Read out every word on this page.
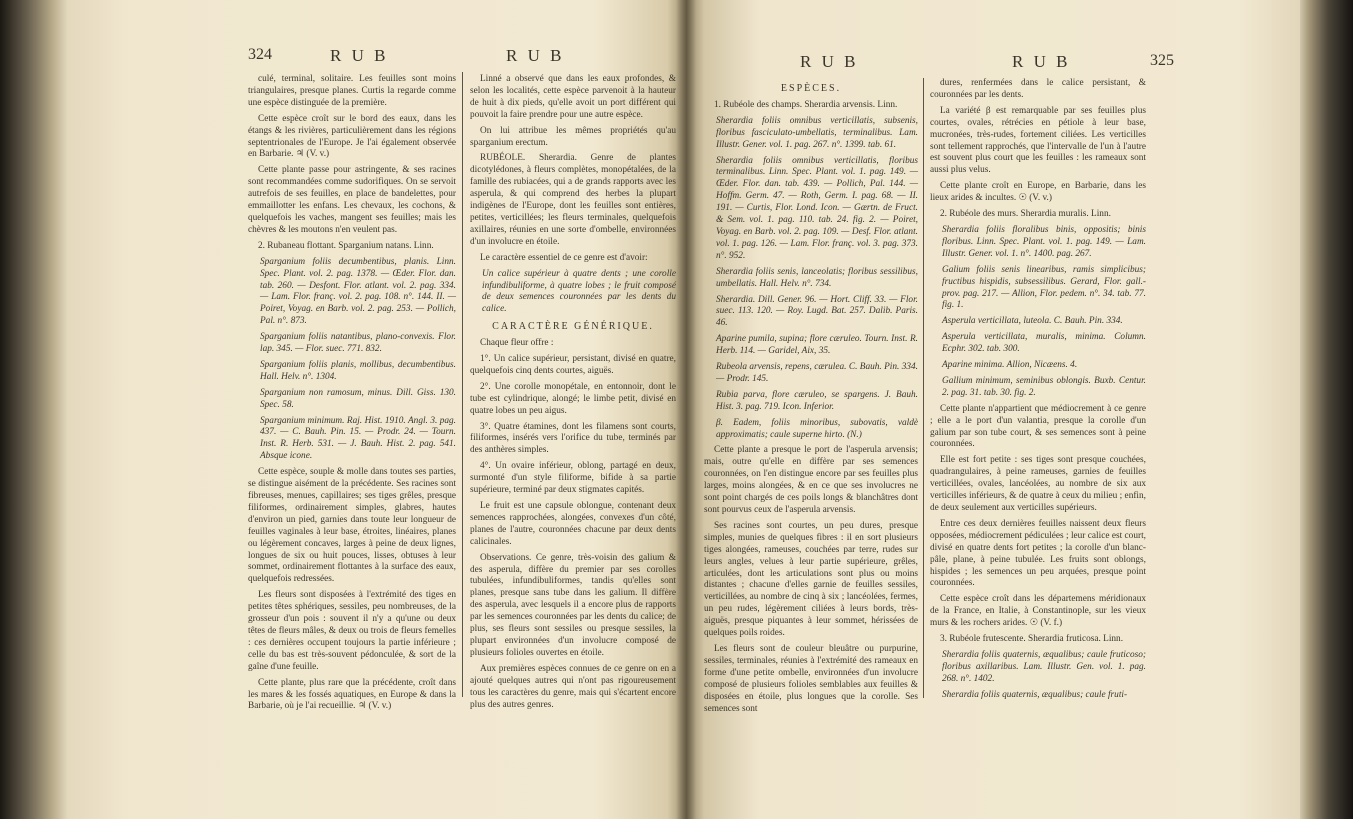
324	R U B	R U B

culé, terminal, solitaire. Les feuilles sont moins triangulaires, presque planes. Curtis la regarde comme une espèce distinguée de la première.

Cette espèce croît sur le bord des eaux, dans les étangs & les rivières, particulièrement dans les régions septentrionales de l'Europe. Je l'ai également observée en Barbarie. ♃ (V. v.)

Cette plante passe pour astringente, & ses racines sont recommandées comme sudorifiques. On se servoit autrefois de ses feuilles, en place de bandelettes, pour emmaillotter les enfans. Les chevaux, les cochons, & quelquefois les vaches, mangent ses feuilles; mais les chèvres & les moutons n'en veulent pas.

2. Rubaneau flottant. Sparganium natans. Linn.

Sparganium foliis decumbentibus, planis. Linn. Spec. Plant. vol. 2. pag. 1378. — Œder. Flor. dan. tab. 260. — Desfont. Flor. atlant. vol. 2. pag. 334. — Lam. Flor. franç. vol. 2. pag. 108. n°. 144. II. — Poiret, Voyag. en Barb. vol. 2. pag. 253. — Pollich, Pal. n°. 873.

Sparganium foliis natantibus, plano-convexis. Flor. lap. 345. — Flor. suec. 771. 832.

Sparganium foliis planis, mollibus, decumbentibus. Hall. Helv. n°. 1304.

Sparganium non ramosum, minus. Dill. Giss. 130. Spec. 58.

Sparganium minimum. Raj. Hist. 1910. Angl. 3. pag. 437. — C. Bauh. Pin. 15. — Prodr. 24. — Tourn. Inst. R. Herb. 531. — J. Bauh. Hist. 2. pag. 541. Absque icone.

Cette espèce, souple & molle dans toutes ses parties, se distingue aisément de la précédente. Ses racines sont fibreuses, menues, capillaires; ses tiges grêles, presque filiformes, ordinairement simples, glabres, hautes d'environ un pied, garnies dans toute leur longueur de feuilles vaginales à leur base, étroites, linéaires, planes ou légèrement concaves, larges à peine de deux lignes, longues de six ou huit pouces, lisses, obtuses à leur sommet, ordinairement flottantes à la surface des eaux, quelquefois redressées.

Les fleurs sont disposées à l'extrémité des tiges en petites têtes sphériques, sessiles, peu nombreuses, de la grosseur d'un pois : souvent il n'y a qu'une ou deux têtes de fleurs mâles, & deux ou trois de fleurs femelles : ces dernières occupent toujours la partie inférieure ; celle du bas est très-souvent pédonculée, & sort de la gaîne d'une feuille.

Cette plante, plus rare que la précédente, croît dans les mares & les fossés aquatiques, en Europe & dans la Barbarie, où je l'ai recueillie. ♃ (V. v.)

Linné a observé que dans les eaux profondes, & selon les localités, cette espèce parvenoit à la hauteur de huit à dix pieds, qu'elle avoit un port différent qui pouvoit la faire prendre pour une autre espèce.

On lui attribue les mêmes propriétés qu'au sparganium erectum.

RUBÉOLE. Sherardia. Genre de plantes dicotylédones, à fleurs complètes, monopétalées, de la famille des rubiacées, qui a de grands rapports avec les asperula, & qui comprend des herbes la plupart indigènes de l'Europe, dont les feuilles sont entières, petites, verticillées; les fleurs terminales, quelquefois axillaires, réunies en une sorte d'ombelle, environnées d'un involucre en étoile.

Le caractère essentiel de ce genre est d'avoir:

Un calice supérieur à quatre dents ; une corolle infundibuliforme, à quatre lobes ; le fruit composé de deux semences couronnées par les dents du calice.

CARACTÈRE GÉNÉRIQUE.

Chaque fleur offre :

1°. Un calice supérieur, persistant, divisé en quatre, quelquefois cinq dents courtes, aiguës.

2°. Une corolle monopétale, en entonnoir, dont le tube est cylindrique, alongé; le limbe petit, divisé en quatre lobes un peu aigus.

3°. Quatre étamines, dont les filamens sont courts, filiformes, insérés vers l'orifice du tube, terminés par des anthères simples.

4°. Un ovaire inférieur, oblong, partagé en deux, surmonté d'un style filiforme, bifide à sa partie supérieure, terminé par deux stigmates capités.

Le fruit est une capsule oblongue, contenant deux semences rapprochées, alongées, convexes d'un côté, planes de l'autre, couronnées chacune par deux dents calicinales.

Observations. Ce genre, très-voisin des galium & des asperula, diffère du premier par ses corolles tubulées, infundibuliformes, tandis qu'elles sont planes, presque sans tube dans les galium. Il diffère des asperula, avec lesquels il a encore plus de rapports par les semences couronnées par les dents du calice; de plus, ses fleurs sont sessiles ou presque sessiles, la plupart environnées d'un involucre composé de plusieurs folioles ouvertes en étoile.

Aux premières espèces connues de ce genre on en a ajouté quelques autres qui n'ont pas rigoureusement tous les caractères du genre, mais qui s'écartent encore plus des autres genres.

R U B	R U B	325

ESPÈCES.

1. Rubéole des champs. Sherardia arvensis. Linn.

Sherardia foliis omnibus verticillatis, subsenis, floribus fasciculato-umbellatis, terminalibus. Lam. Illustr. Gener. vol. 1. pag. 267. n°. 1399. tab. 61.

Sherardia foliis omnibus verticillatis, floribus terminalibus. Linn. Spec. Plant. vol. 1. pag. 149. — Œder. Flor. dan. tab. 439. — Pollich, Pal. 144. — Hoffm. Germ. 47. — Roth, Germ. I. pag. 68. — II. 191. — Curtis, Flor. Lond. Icon. — Gærtn. de Fruct. & Sem. vol. 1. pag. 110. tab. 24. fig. 2. — Poiret, Voyag. en Barb. vol. 2. pag. 109. — Desf. Flor. atlant. vol. 1. pag. 126. — Lam. Flor. franç. vol. 3. pag. 373. n°. 952.

Sherardia foliis senis, lanceolatis; floribus sessilibus, umbellatis. Hall. Helv. n°. 734.

Sherardia. Dill. Gener. 96. — Hort. Cliff. 33. — Flor. suec. 113. 120. — Roy. Lugd. Bat. 257. Dalib. Paris. 46.

Aparine pumila, supina; flore cæruleo. Tourn. Inst. R. Herb. 114. — Garidel, Aix, 35.

Rubeola arvensis, repens, cærulea. C. Bauh. Pin. 334. — Prodr. 145.

Rubia parva, flore cæruleo, se spargens. J. Bauh. Hist. 3. pag. 719. Icon. Inferior.

β. Eadem, foliis minoribus, subovatis, valdè approximatis; caule superne hirto. (N.)

Cette plante a presque le port de l'asperula arvensis; mais, outre qu'elle en diffère par ses semences couronnées, on l'en distingue encore par ses feuilles plus larges, moins alongées, & en ce que ses involucres ne sont point chargés de ces poils longs & blanchâtres dont sont pourvus ceux de l'asperula arvensis.

Ses racines sont courtes, un peu dures, presque simples, munies de quelques fibres : il en sort plusieurs tiges alongées, rameuses, couchées par terre, rudes sur leurs angles, velues à leur partie supérieure, grêles, articulées, dont les articulations sont plus ou moins distantes ; chacune d'elles garnie de feuilles sessiles, verticillées, au nombre de cinq à six ; lancéolées, fermes, un peu rudes, légèrement ciliées à leurs bords, très-aiguës, presque piquantes à leur sommet, hérissées de quelques poils roides.

Les fleurs sont de couleur bleuâtre ou purpurine, sessiles, terminales, réunies à l'extrémité des rameaux en forme d'une petite ombelle, environnées d'un involucre composé de plusieurs folioles semblables aux feuilles & disposées en étoile, plus longues que la corolle. Ses semences sont

dures, renfermées dans le calice persistant, & couronnées par les dents.

La variété β est remarquable par ses feuilles plus courtes, ovales, rétrécies en pétiole à leur base, mucronées, très-rudes, fortement ciliées. Les verticilles sont tellement rapprochés, que l'intervalle de l'un à l'autre est souvent plus court que les feuilles : les rameaux sont aussi plus velus.

Cette plante croît en Europe, en Barbarie, dans les lieux arides & incultes. ☉ (V. v.)

2. Rubéole des murs. Sherardia muralis. Linn.

Sherardia foliis floralibus binis, oppositis; binis floribus. Linn. Spec. Plant. vol. 1. pag. 149. — Lam. Illustr. Gener. vol. 1. n°. 1400. pag. 267.

Galium foliis senis linearibus, ramis simplicibus; fructibus hispidis, subsessilibus. Gerard, Flor. gall.-prov. pag. 217. — Allion, Flor. pedem. n°. 34. tab. 77. fig. 1.

Asperula verticillata, luteola. C. Bauh. Pin. 334.

Asperula verticillata, muralis, minima. Column. Ecphr. 302. tab. 300.

Aparine minima. Allion, Nicæens. 4.

Gallium minimum, seminibus oblongis. Buxb. Centur. 2. pag. 31. tab. 30. fig. 2.

Cette plante n'appartient que médiocrement à ce genre ; elle a le port d'un valantia, presque la corolle d'un galium par son tube court, & ses semences sont à peine couronnées.

Elle est fort petite : ses tiges sont presque couchées, quadrangulaires, à peine rameuses, garnies de feuilles verticillées, ovales, lancéolées, au nombre de six aux verticilles inférieurs, & de quatre à ceux du milieu ; enfin, de deux seulement aux verticilles supérieurs.

Entre ces deux dernières feuilles naissent deux fleurs opposées, médiocrement pédiculées ; leur calice est court, divisé en quatre dents fort petites ; la corolle d'un blanc-pâle, plane, à peine tubulée. Les fruits sont oblongs, hispides ; les semences un peu arquées, presque point couronnées.

Cette espèce croît dans les départemens méridionaux de la France, en Italie, à Constantinople, sur les vieux murs & les rochers arides. ☉ (V. f.)

3. Rubéole frutescente. Sherardia fruticosa. Linn.

Sherardia foliis quaternis, æqualibus; caule fruticoso; floribus axillaribus. Lam. Illustr. Gen. vol. 1. pag. 268. n°. 1402.

Sherardia foliis quaternis, æqualibus; caule fruti-
